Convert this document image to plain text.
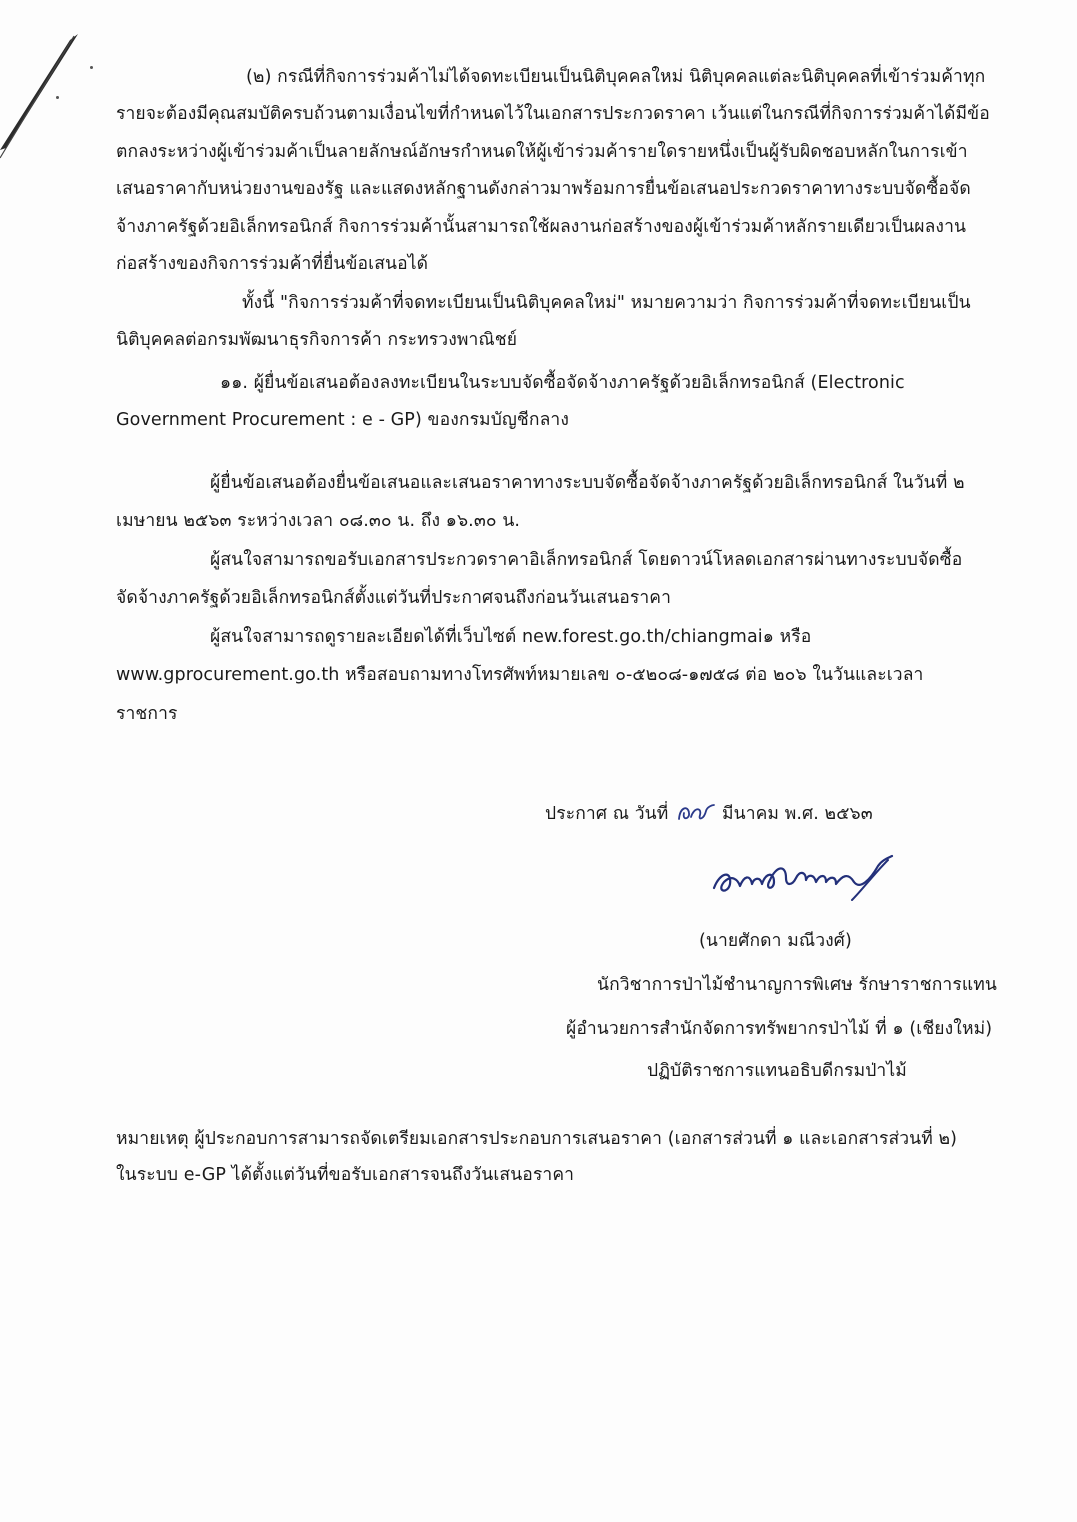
(๒) กรณีที่กิจการร่วมค้าไม่ได้จดทะเบียนเป็นนิติบุคคลใหม่ นิติบุคคลแต่ละนิติบุคคลที่เข้าร่วมค้าทุก
รายจะต้องมีคุณสมบัติครบถ้วนตามเงื่อนไขที่กำหนดไว้ในเอกสารประกวดราคา เว้นแต่ในกรณีที่กิจการร่วมค้าได้มีข้อ
ตกลงระหว่างผู้เข้าร่วมค้าเป็นลายลักษณ์อักษรกำหนดให้ผู้เข้าร่วมค้ารายใดรายหนึ่งเป็นผู้รับผิดชอบหลักในการเข้า
เสนอราคากับหน่วยงานของรัฐ และแสดงหลักฐานดังกล่าวมาพร้อมการยื่นข้อเสนอประกวดราคาทางระบบจัดซื้อจัด
จ้างภาครัฐด้วยอิเล็กทรอนิกส์ กิจการร่วมค้านั้นสามารถใช้ผลงานก่อสร้างของผู้เข้าร่วมค้าหลักรายเดียวเป็นผลงาน
ก่อสร้างของกิจการร่วมค้าที่ยื่นข้อเสนอได้
ทั้งนี้ "กิจการร่วมค้าที่จดทะเบียนเป็นนิติบุคคลใหม่" หมายความว่า กิจการร่วมค้าที่จดทะเบียนเป็น
นิติบุคคลต่อกรมพัฒนาธุรกิจการค้า กระทรวงพาณิชย์
๑๑. ผู้ยื่นข้อเสนอต้องลงทะเบียนในระบบจัดซื้อจัดจ้างภาครัฐด้วยอิเล็กทรอนิกส์ (Electronic
Government Procurement : e - GP) ของกรมบัญชีกลาง
ผู้ยื่นข้อเสนอต้องยื่นข้อเสนอและเสนอราคาทางระบบจัดซื้อจัดจ้างภาครัฐด้วยอิเล็กทรอนิกส์ ในวันที่ ๒
เมษายน ๒๕๖๓ ระหว่างเวลา ๐๘.๓๐ น. ถึง ๑๖.๓๐ น.
ผู้สนใจสามารถขอรับเอกสารประกวดราคาอิเล็กทรอนิกส์ โดยดาวน์โหลดเอกสารผ่านทางระบบจัดซื้อ
จัดจ้างภาครัฐด้วยอิเล็กทรอนิกส์ตั้งแต่วันที่ประกาศจนถึงก่อนวันเสนอราคา
ผู้สนใจสามารถดูรายละเอียดได้ที่เว็บไซต์ new.forest.go.th/chiangmai๑ หรือ
www.gprocurement.go.th หรือสอบถามทางโทรศัพท์หมายเลข ๐-๕๒๐๘-๑๗๕๘ ต่อ ๒๐๖ ในวันและเวลา
ราชการ
ประกาศ ณ วันที่	มีนาคม พ.ศ. ๒๕๖๓
(นายศักดา มณีวงศ์)
นักวิชาการป่าไม้ชำนาญการพิเศษ รักษาราชการแทน
ผู้อำนวยการสำนักจัดการทรัพยากรป่าไม้ ที่ ๑ (เชียงใหม่)
ปฏิบัติราชการแทนอธิบดีกรมป่าไม้
หมายเหตุ ผู้ประกอบการสามารถจัดเตรียมเอกสารประกอบการเสนอราคา (เอกสารส่วนที่ ๑ และเอกสารส่วนที่ ๒)
ในระบบ e-GP ได้ตั้งแต่วันที่ขอรับเอกสารจนถึงวันเสนอราคา
